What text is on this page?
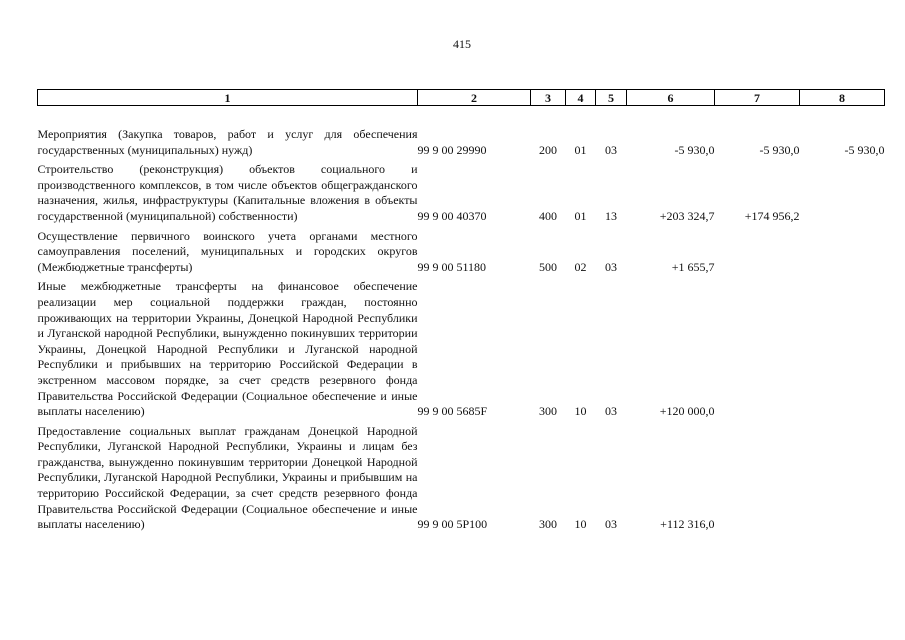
415
1	2	3	4	5	6	7	8

Мероприятия (Закупка товаров, работ и услуг для обеспечения государственных (муниципальных) нужд)	99 9 00 29990	200	01	03	-5 930,0	-5 930,0	-5 930,0
Строительство (реконструкция) объектов социального и производственного комплексов, в том числе объектов общегражданского назначения, жилья, инфраструктуры (Капитальные вложения в объекты государственной (муниципальной) собственности)	99 9 00 40370	400	01	13	+203 324,7	+174 956,2	
Осуществление первичного воинского учета органами местного самоуправления поселений, муниципальных и городских округов (Межбюджетные трансферты)	99 9 00 51180	500	02	03	+1 655,7		
Иные межбюджетные трансферты на финансовое обеспечение реализации мер социальной поддержки граждан, постоянно проживающих на территории Украины, Донецкой Народной Республики и Луганской народной Республики, вынужденно покинувших территории Украины, Донецкой Народной Республики и Луганской народной Республики и прибывших на территорию Российской Федерации в экстренном массовом порядке, за счет средств резервного фонда Правительства Российской Федерации (Социальное обеспечение и иные выплаты населению)	99 9 00 5685F	300	10	03	+120 000,0		
Предоставление социальных выплат гражданам Донецкой Народной Республики, Луганской Народной Республики, Украины и лицам без гражданства, вынужденно покинувшим территории Донецкой Народной Республики, Луганской Народной Республики, Украины и прибывшим на территорию Российской Федерации, за счет средств резервного фонда Правительства Российской Федерации (Социальное обеспечение и иные выплаты населению)	99 9 00 5Р100	300	10	03	+112 316,0		
